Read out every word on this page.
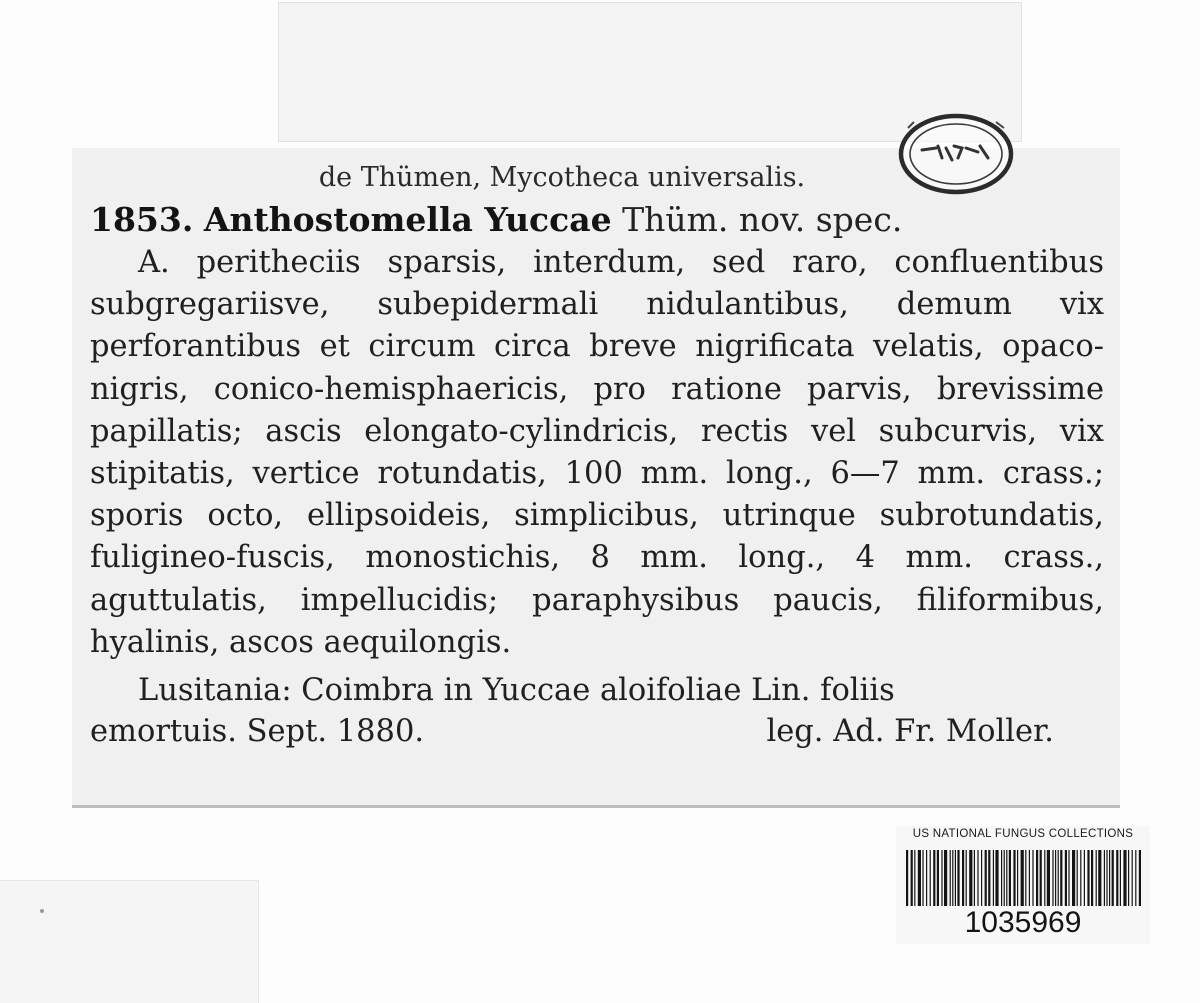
de Thümen, Mycotheca universalis.
1853. Anthostomella Yuccae Thüm. nov. spec.

A. peritheciis sparsis, interdum, sed raro, confluentibus subgregariisve, subepidermali nidulantibus, demum vix perforantibus et circum circa breve nigrificata velatis, opaco-nigris, conico-hemisphaericis, pro ratione parvis, brevissime papillatis; ascis elongato-cylindricis, rectis vel subcurvis, vix stipitatis, vertice rotundatis, 100 mm. long., 6—7 mm. crass.; sporis octo, ellipsoideis, simplicibus, utrinque subrotundatis, fuligineo-fuscis, monostichis, 8 mm. long., 4 mm. crass., aguttulatis, impellucidis; paraphysibus paucis, filiformibus, hyalinis, ascos aequilongis.

Lusitania: Coimbra in Yuccae aloifoliae Lin. foliis

emortuis. Sept. 1880.	leg. Ad. Fr. Moller.
US NATIONAL FUNGUS COLLECTIONS
1035969
